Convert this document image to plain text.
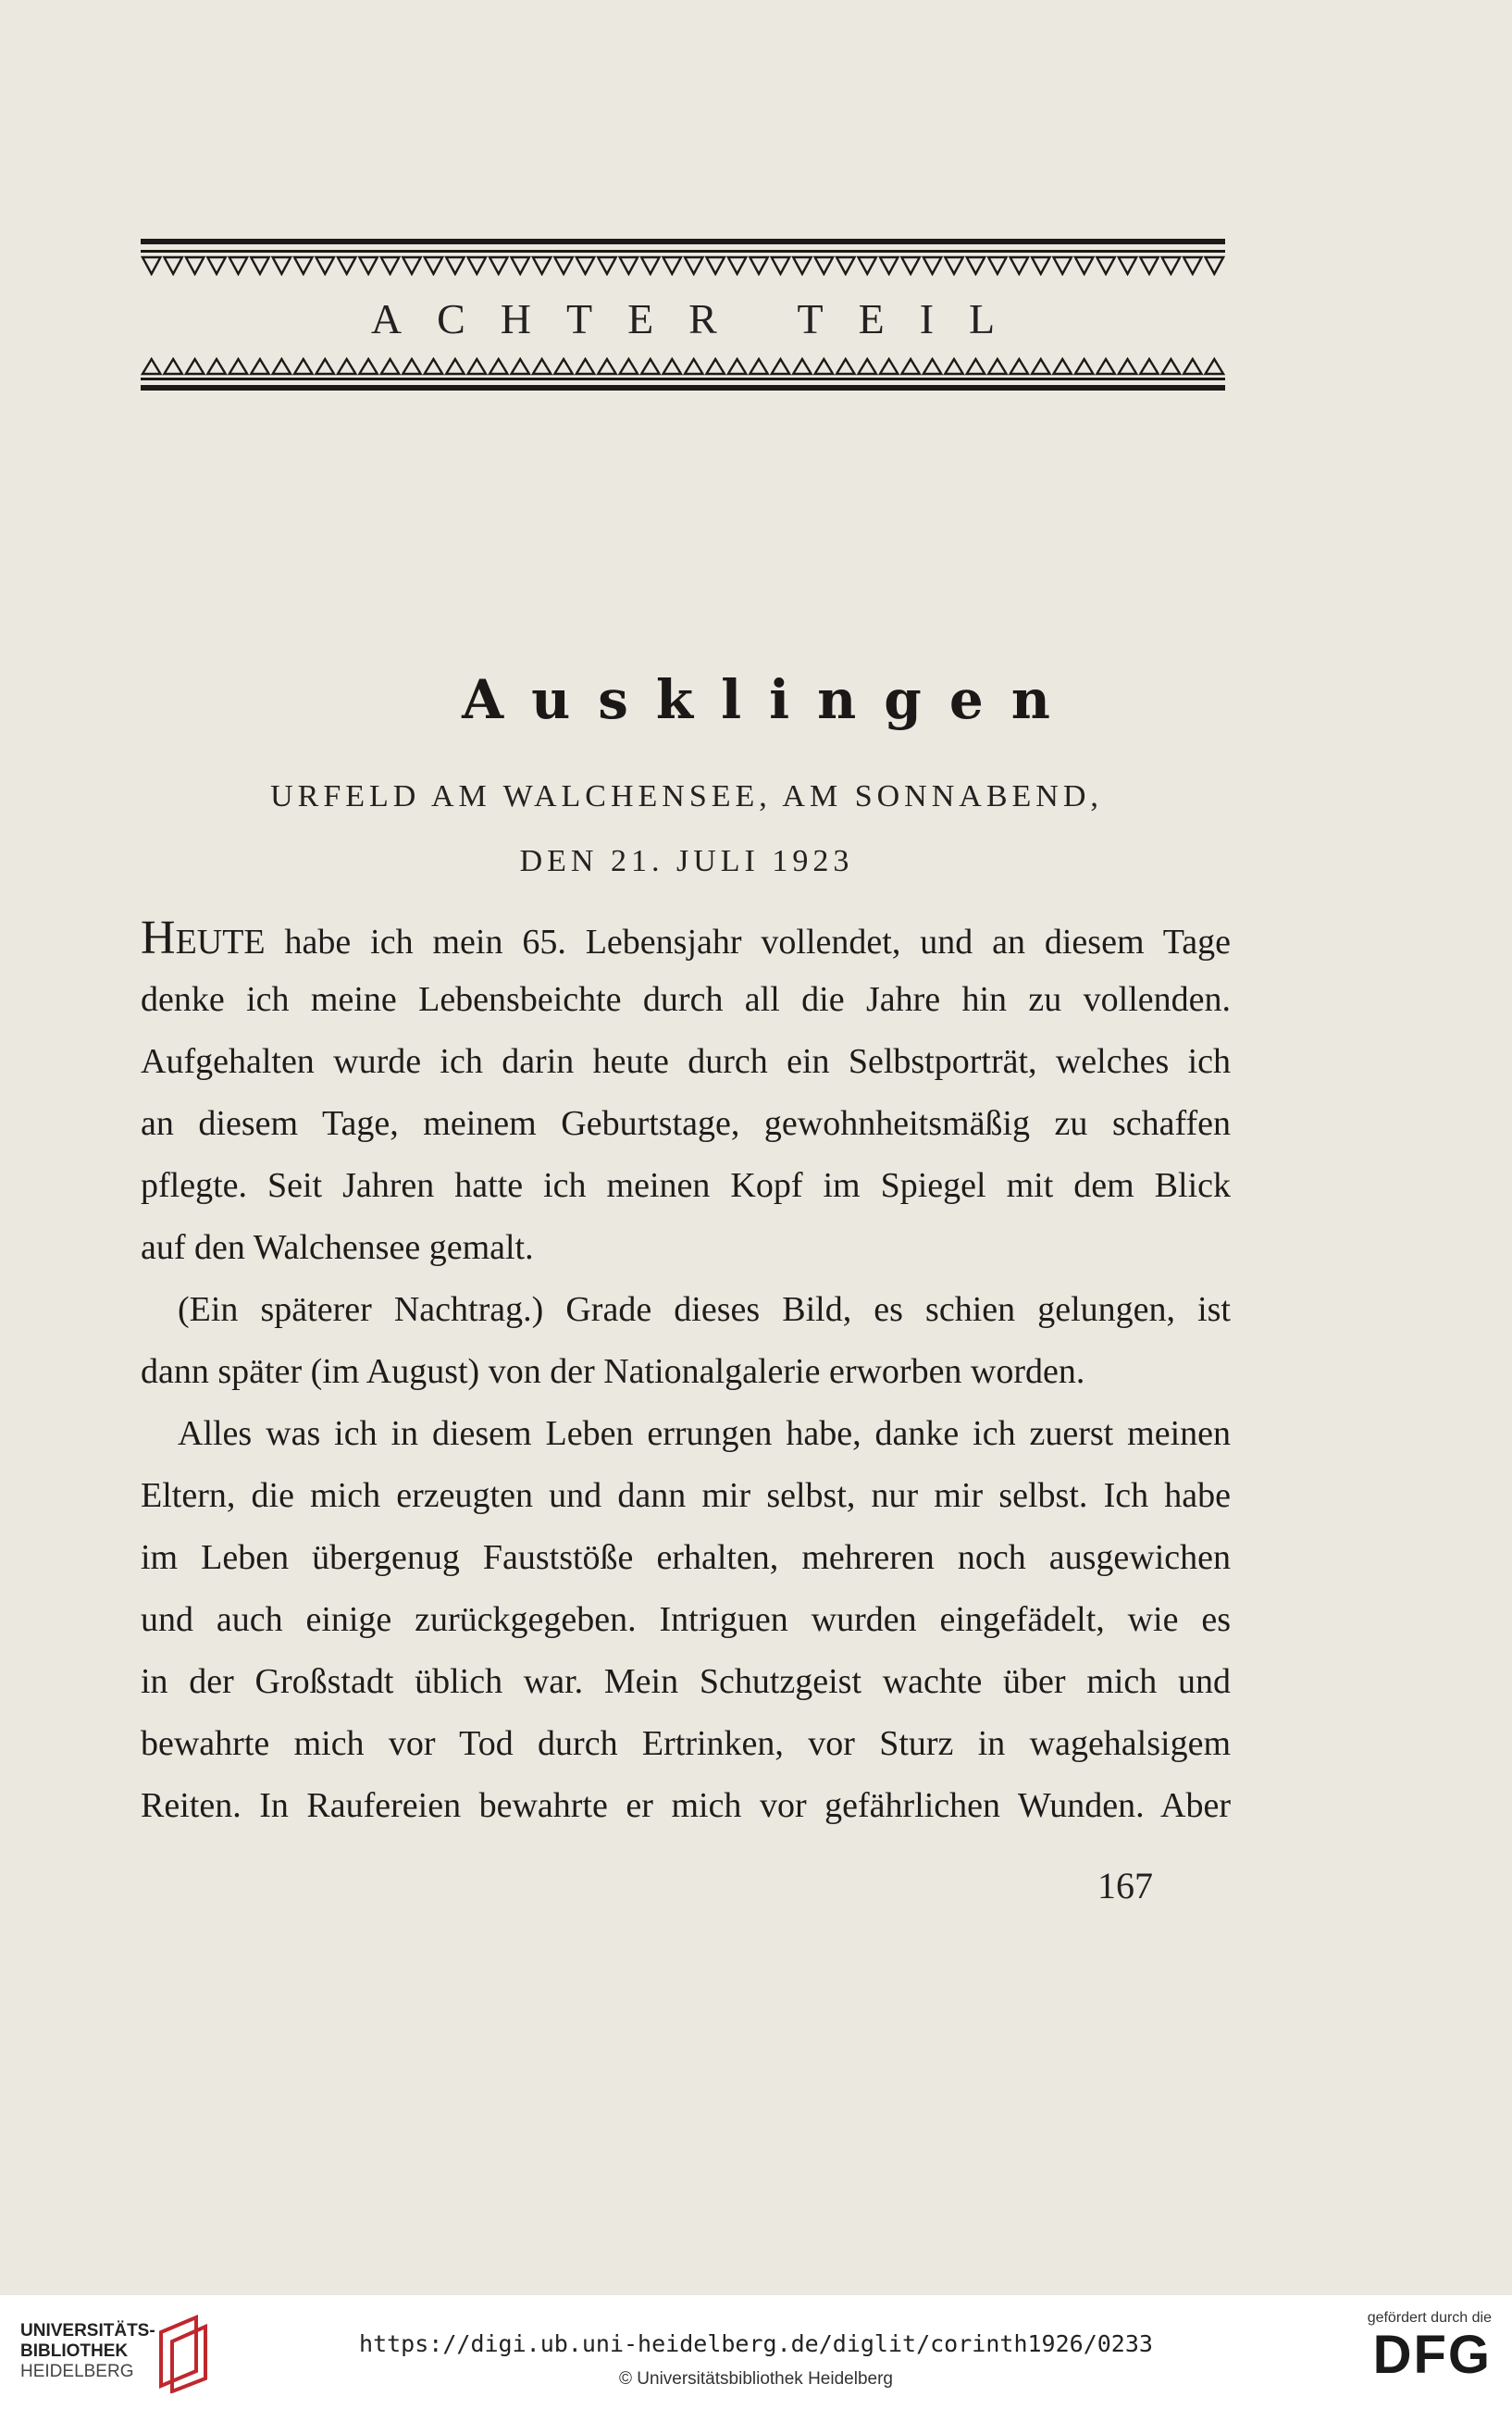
ACHTER TEIL
Ausklingen
URFELD AM WALCHENSEE, AM SONNABEND,
DEN 21. JULI 1923
HEUTE habe ich mein 65. Lebensjahr vollendet, und an diesem Tage
denke ich meine Lebensbeichte durch all die Jahre hin zu vollenden.
Aufgehalten wurde ich darin heute durch ein Selbstporträt, welches ich
an diesem Tage, meinem Geburtstage, gewohnheitsmäßig zu schaffen
pflegte. Seit Jahren hatte ich meinen Kopf im Spiegel mit dem Blick
auf den Walchensee gemalt.
(Ein späterer Nachtrag.) Grade dieses Bild, es schien gelungen, ist
dann später (im August) von der Nationalgalerie erworben worden.
Alles was ich in diesem Leben errungen habe, danke ich zuerst meinen
Eltern, die mich erzeugten und dann mir selbst, nur mir selbst. Ich habe
im Leben übergenug Fauststöße erhalten, mehreren noch ausgewichen
und auch einige zurückgegeben. Intriguen wurden eingefädelt, wie es
in der Großstadt üblich war. Mein Schutzgeist wachte über mich und
bewahrte mich vor Tod durch Ertrinken, vor Sturz in wagehalsigem
Reiten. In Raufereien bewahrte er mich vor gefährlichen Wunden. Aber
167
UNIVERSITÄTS-
BIBLIOTHEK
HEIDELBERG
https://digi.ub.uni-heidelberg.de/diglit/corinth1926/0233
© Universitätsbibliothek Heidelberg
gefördert durch die
DFG
